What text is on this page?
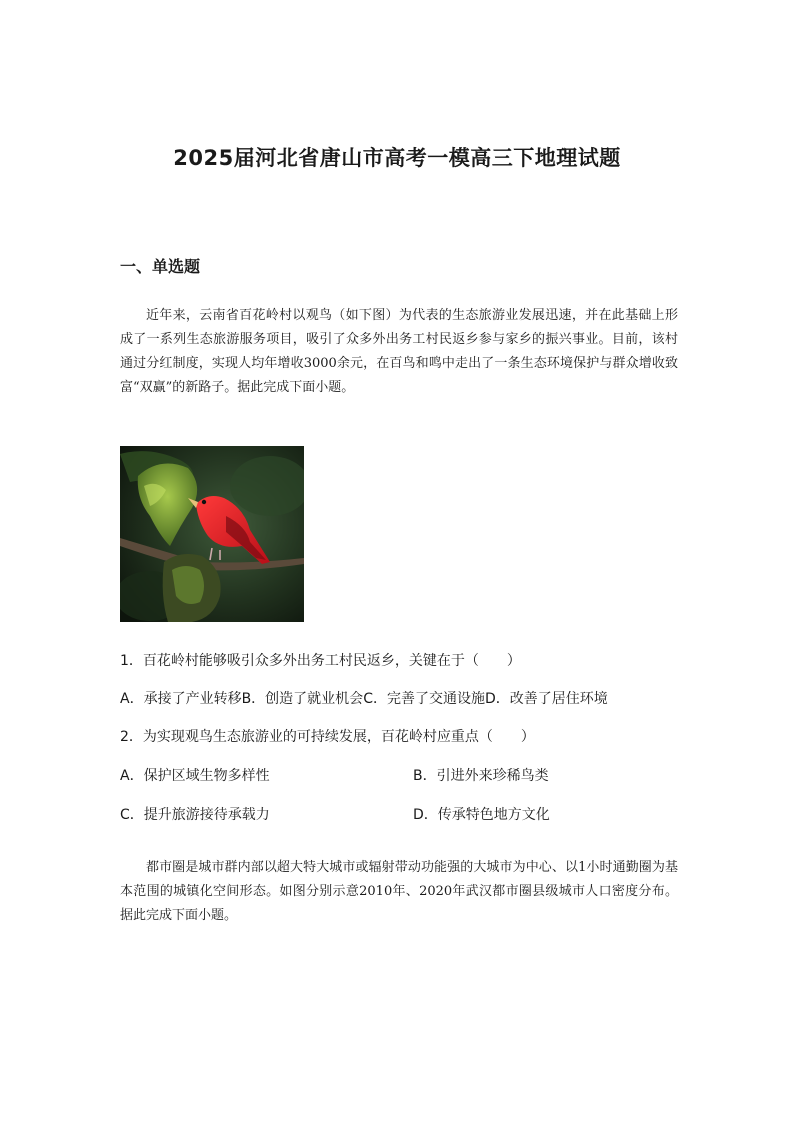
2025届河北省唐山市高考一模高三下地理试题
一、单选题

近年来，云南省百花岭村以观鸟（如下图）为代表的生态旅游业发展迅速，并在此基础上形成了一系列生态旅游服务项目，吸引了众多外出务工村民返乡参与家乡的振兴事业。目前，该村通过分红制度，实现人均年增收3000余元，在百鸟和鸣中走出了一条生态环境保护与群众增收致富“双赢”的新路子。据此完成下面小题。

1．百花岭村能够吸引众多外出务工村民返乡，关键在于（　　）
A．承接了产业转移B．创造了就业机会C．完善了交通设施D．改善了居住环境
2．为实现观鸟生态旅游业的可持续发展，百花岭村应重点（　　）
A．保护区域生物多样性	B．引进外来珍稀鸟类
C．提升旅游接待承载力	D．传承特色地方文化

都市圈是城市群内部以超大特大城市或辐射带动功能强的大城市为中心、以1小时通勤圈为基本范围的城镇化空间形态。如图分别示意2010年、2020年武汉都市圈县级城市人口密度分布。据此完成下面小题。
